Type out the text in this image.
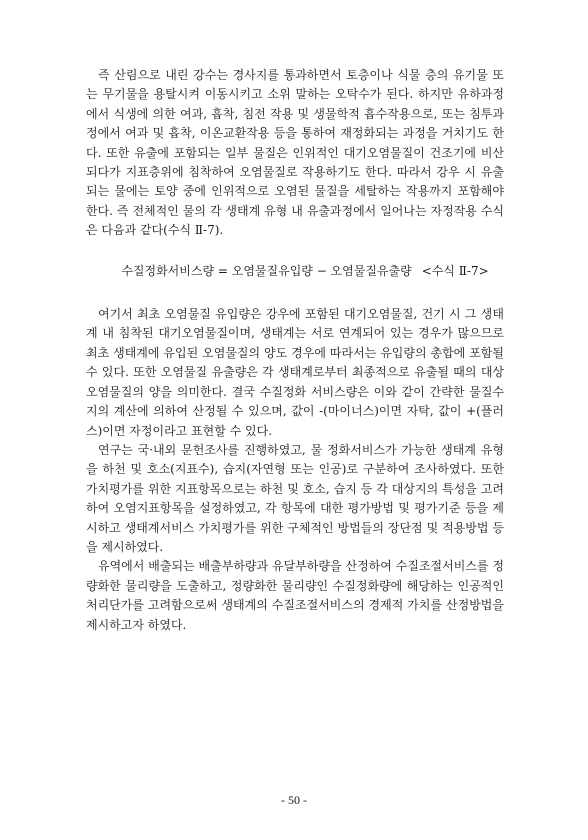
즉 산림으로 내린 강수는 경사지를 통과하면서 토층이나 식물 층의 유기물 또는 무기물을 용탈시켜 이동시키고 소위 말하는 오탁수가 된다. 하지만 유하과정에서 식생에 의한 여과, 흡착, 침전 작용 및 생물학적 흡수작용으로, 또는 침투과정에서 여과 및 흡착, 이온교환작용 등을 통하여 재정화되는 과정을 거치기도 한다. 또한 유출에 포함되는 일부 물질은 인위적인 대기오염물질이 건조기에 비산되다가 지표층위에 침착하여 오염물질로 작용하기도 한다. 따라서 강우 시 유출되는 물에는 토양 중에 인위적으로 오염된 물질을 세탈하는 작용까지 포함해야 한다. 즉 전체적인 물의 각 생태계 유형 내 유출과정에서 일어나는 자정작용 수식은 다음과 같다(수식 Ⅱ-7).

수질정화서비스량 = 오염물질유입량 − 오염물질유출량 <수식 Ⅱ-7>

여기서 최초 오염물질 유입량은 강우에 포함된 대기오염물질, 건기 시 그 생태계 내 침착된 대기오염물질이며, 생태계는 서로 연계되어 있는 경우가 많으므로 최초 생태계에 유입된 오염물질의 양도 경우에 따라서는 유입량의 총합에 포함될 수 있다. 또한 오염물질 유출량은 각 생태계로부터 최종적으로 유출될 때의 대상 오염물질의 양을 의미한다. 결국 수질정화 서비스량은 이와 같이 간략한 물질수지의 계산에 의하여 산정될 수 있으며, 값이 -(마이너스)이면 자탁, 값이 +(플러스)이면 자정이라고 표현할 수 있다.

연구는 국·내외 문헌조사를 진행하였고, 물 정화서비스가 가능한 생태계 유형을 하천 및 호소(지표수), 습지(자연형 또는 인공)로 구분하여 조사하였다. 또한 가치평가를 위한 지표항목으로는 하천 및 호소, 습지 등 각 대상지의 특성을 고려하여 오염지표항목을 설정하였고, 각 항목에 대한 평가방법 및 평가기준 등을 제시하고 생태계서비스 가치평가를 위한 구체적인 방법들의 장단점 및 적용방법 등을 제시하였다.

유역에서 배출되는 배출부하량과 유달부하량을 산정하여 수질조절서비스를 정량화한 물리량을 도출하고, 정량화한 물리량인 수질정화량에 해당하는 인공적인 처리단가를 고려함으로써 생태계의 수질조절서비스의 경제적 가치를 산정방법을 제시하고자 하였다.

- 50 -
